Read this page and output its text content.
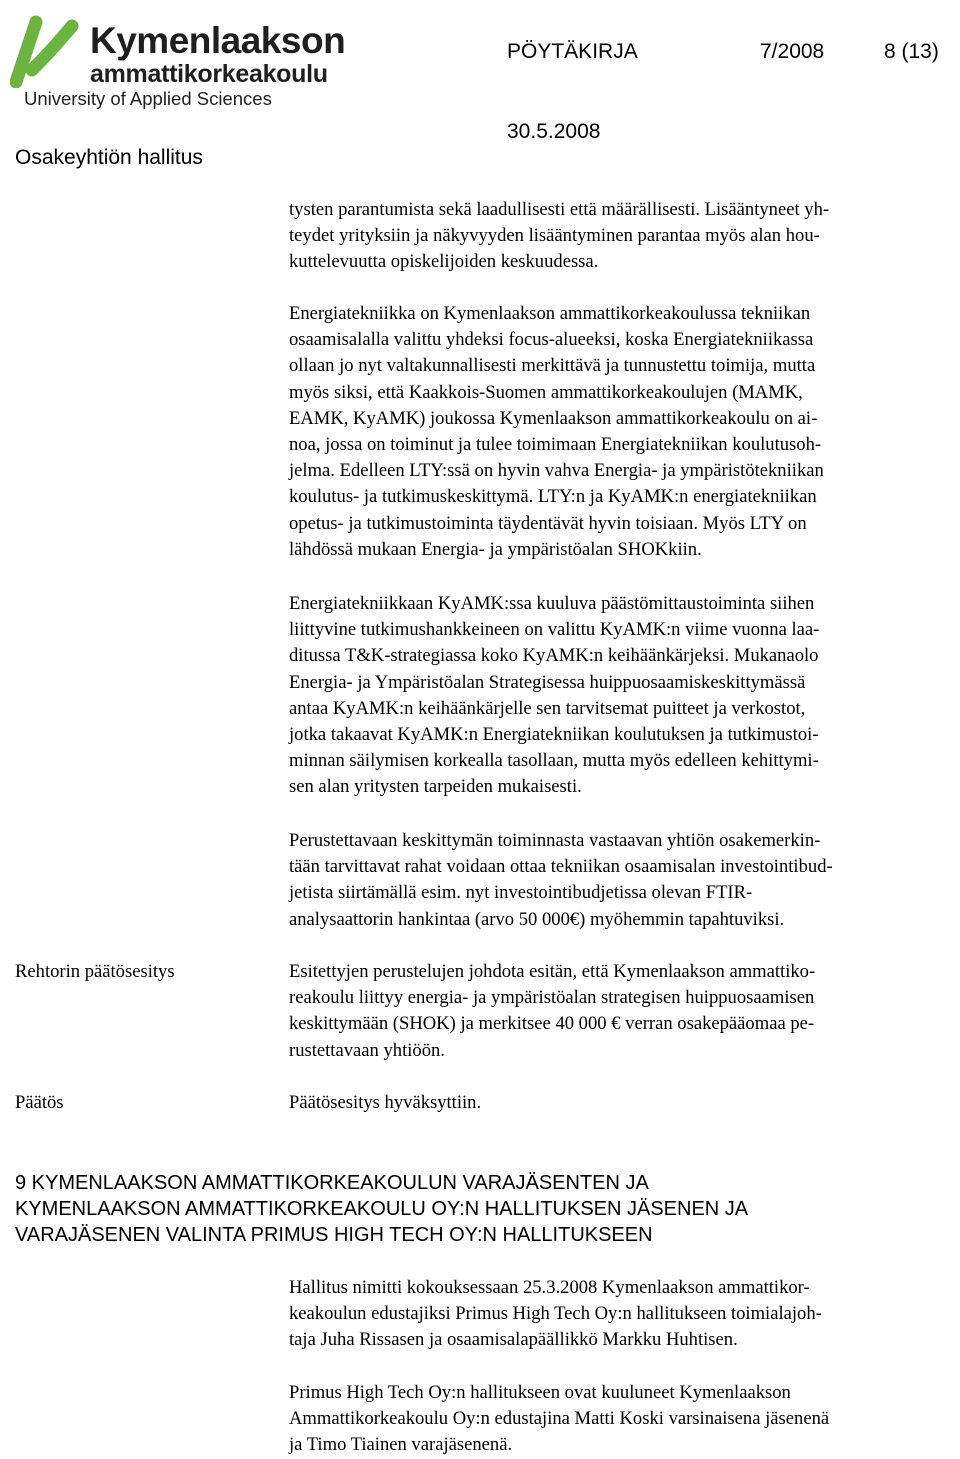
Kymenlaakson
ammattikorkeakoulu
University of Applied Sciences
PÖYTÄKIRJA	7/2008	8 (13)
Osakeyhtiön hallitus
30.5.2008

tysten parantumista sekä laadullisesti että määrällisesti. Lisääntyneet yh-

teydet yrityksiin ja näkyvyyden lisääntyminen parantaa myös alan hou-

kuttelevuutta opiskelijoiden keskuudessa.

Energiatekniikka on Kymenlaakson ammattikorkeakoulussa tekniikan

osaamisalalla valittu yhdeksi focus-alueeksi, koska Energiatekniikassa

ollaan jo nyt valtakunnallisesti merkittävä ja tunnustettu toimija, mutta

myös siksi, että Kaakkois-Suomen ammattikorkeakoulujen (MAMK,

EAMK, KyAMK) joukossa Kymenlaakson ammattikorkeakoulu on ai-

noa, jossa on toiminut ja tulee toimimaan Energiatekniikan koulutusoh-

jelma. Edelleen LTY:ssä on hyvin vahva Energia- ja ympäristötekniikan

koulutus- ja tutkimuskeskittymä. LTY:n ja KyAMK:n energiatekniikan

opetus- ja tutkimustoiminta täydentävät hyvin toisiaan. Myös LTY on

lähdössä mukaan Energia- ja ympäristöalan SHOKkiin.

Energiatekniikkaan KyAMK:ssa kuuluva päästömittaustoiminta siihen

liittyvine tutkimushankkeineen on valittu KyAMK:n viime vuonna laa-

ditussa T&K-strategiassa koko KyAMK:n keihäänkärjeksi. Mukanaolo

Energia- ja Ympäristöalan Strategisessa huippuosaamiskeskittymässä

antaa KyAMK:n keihäänkärjelle sen tarvitsemat puitteet ja verkostot,

jotka takaavat KyAMK:n Energiatekniikan koulutuksen ja tutkimustoi-

minnan säilymisen korkealla tasollaan, mutta myös edelleen kehittymi-

sen alan yritysten tarpeiden mukaisesti.

Perustettavaan keskittymän toiminnasta vastaavan yhtiön osakemerkin-

tään tarvittavat rahat voidaan ottaa tekniikan osaamisalan investointibud-

jetista siirtämällä esim. nyt investointibudjetissa olevan FTIR-

analysaattorin hankintaa (arvo 50 000€) myöhemmin tapahtuviksi.

Rehtorin päätösesitys	Esitettyjen perustelujen johdota esitän, että Kymenlaakson ammattiko-

reakoulu liittyy energia- ja ympäristöalan strategisen huippuosaamisen

keskittymään (SHOK) ja merkitsee 40 000 € verran osakepääomaa pe-

rustettavaan yhtiöön.

Päätös	Päätösesitys hyväksyttiin.

9 KYMENLAAKSON AMMATTIKORKEAKOULUN VARAJÄSENTEN JA
KYMENLAAKSON AMMATTIKORKEAKOULU OY:N HALLITUKSEN JÄSENEN JA
VARAJÄSENEN VALINTA PRIMUS HIGH TECH OY:N HALLITUKSEEN

Hallitus nimitti kokouksessaan 25.3.2008 Kymenlaakson ammattikor-

keakoulun edustajiksi Primus High Tech Oy:n hallitukseen toimialajoh-

taja Juha Rissasen ja osaamisalapäällikkö Markku Huhtisen.

Primus High Tech Oy:n hallitukseen ovat kuuluneet Kymenlaakson

Ammattikorkeakoulu Oy:n edustajina Matti Koski varsinaisena jäsenenä

ja Timo Tiainen varajäsenenä.
